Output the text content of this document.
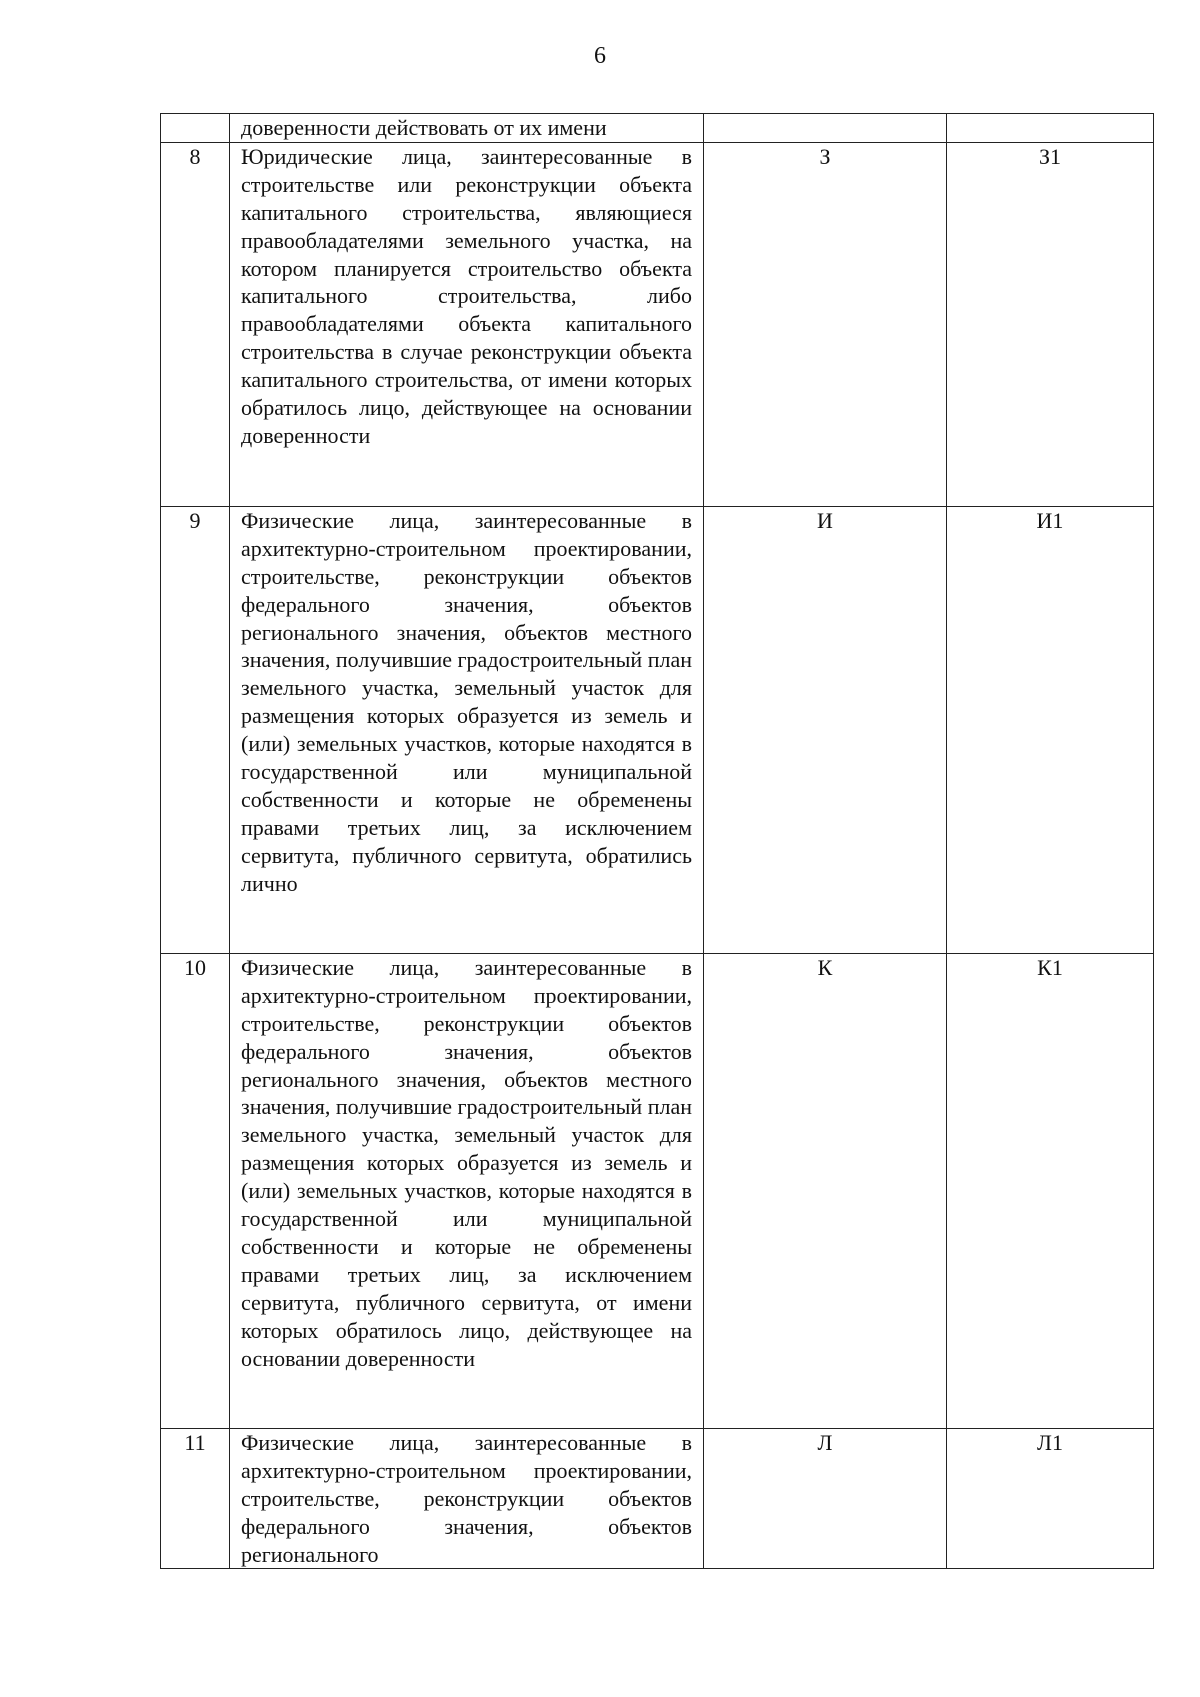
6
	доверенности действовать от их имени		
8	Юридические лица, заинтересованные в строительстве или реконструкции объекта капитального строительства, являющиеся правообладателями земельного участка, на котором планируется строительство объекта капитального строительства, либо правообладателями объекта капитального строительства в случае реконструкции объекта капитального строительства, от имени которых обратилось лицо, действующее на основании доверенности	З	З1
9	Физические лица, заинтересованные в архитектурно-строительном проектировании, строительстве, реконструкции объектов федерального значения, объектов регионального значения, объектов местного значения, получившие градостроительный план земельного участка, земельный участок для размещения которых образуется из земель и (или) земельных участков, которые находятся в государственной или муниципальной собственности и которые не обременены правами третьих лиц, за исключением сервитута, публичного сервитута, обратились лично	И	И1
10	Физические лица, заинтересованные в архитектурно-строительном проектировании, строительстве, реконструкции объектов федерального значения, объектов регионального значения, объектов местного значения, получившие градостроительный план земельного участка, земельный участок для размещения которых образуется из земель и (или) земельных участков, которые находятся в государственной или муниципальной собственности и которые не обременены правами третьих лиц, за исключением сервитута, публичного сервитута, от имени которых обратилось лицо, действующее на основании доверенности	К	К1
11	Физические лица, заинтересованные в архитектурно-строительном проектировании, строительстве, реконструкции объектов федерального значения, объектов регионального	Л	Л1
